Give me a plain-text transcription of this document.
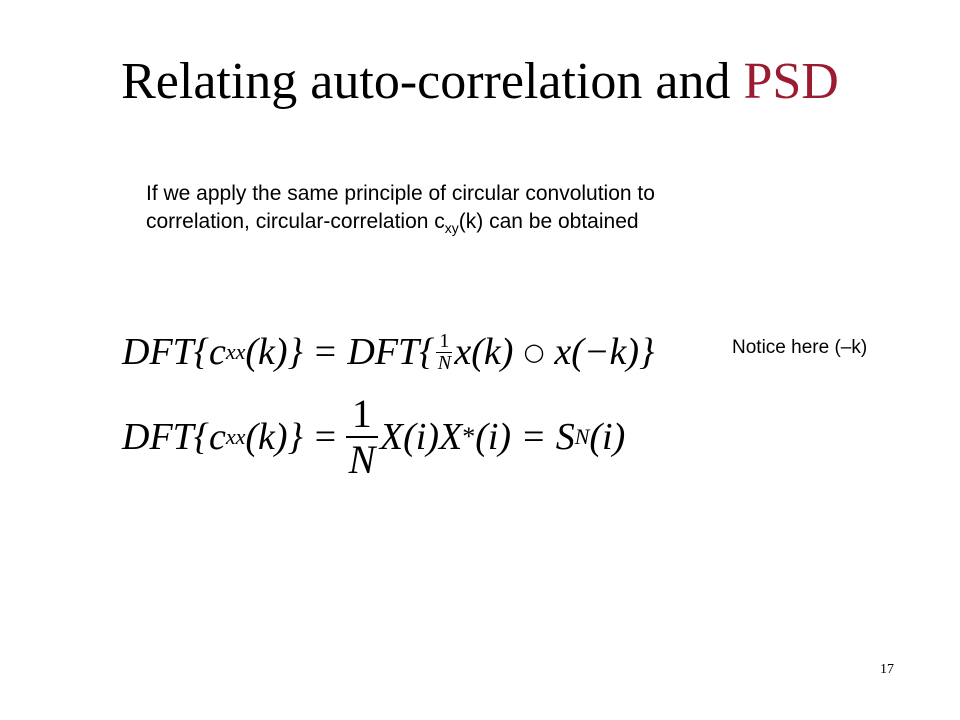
Relating auto-correlation and PSD
If we apply the same principle of circular convolution to
correlation, circular-correlation $c_{xy}(k)$ can be obtained
DFT{c xx $(k)\} = DFT\{ \frac{1}{N} x(k)$ ○ x(−k)}	Notice here (–k)
DFT{c xx $(k)\} = \frac{1}{N} X(i)X * (i) = S$ N (i)
17
